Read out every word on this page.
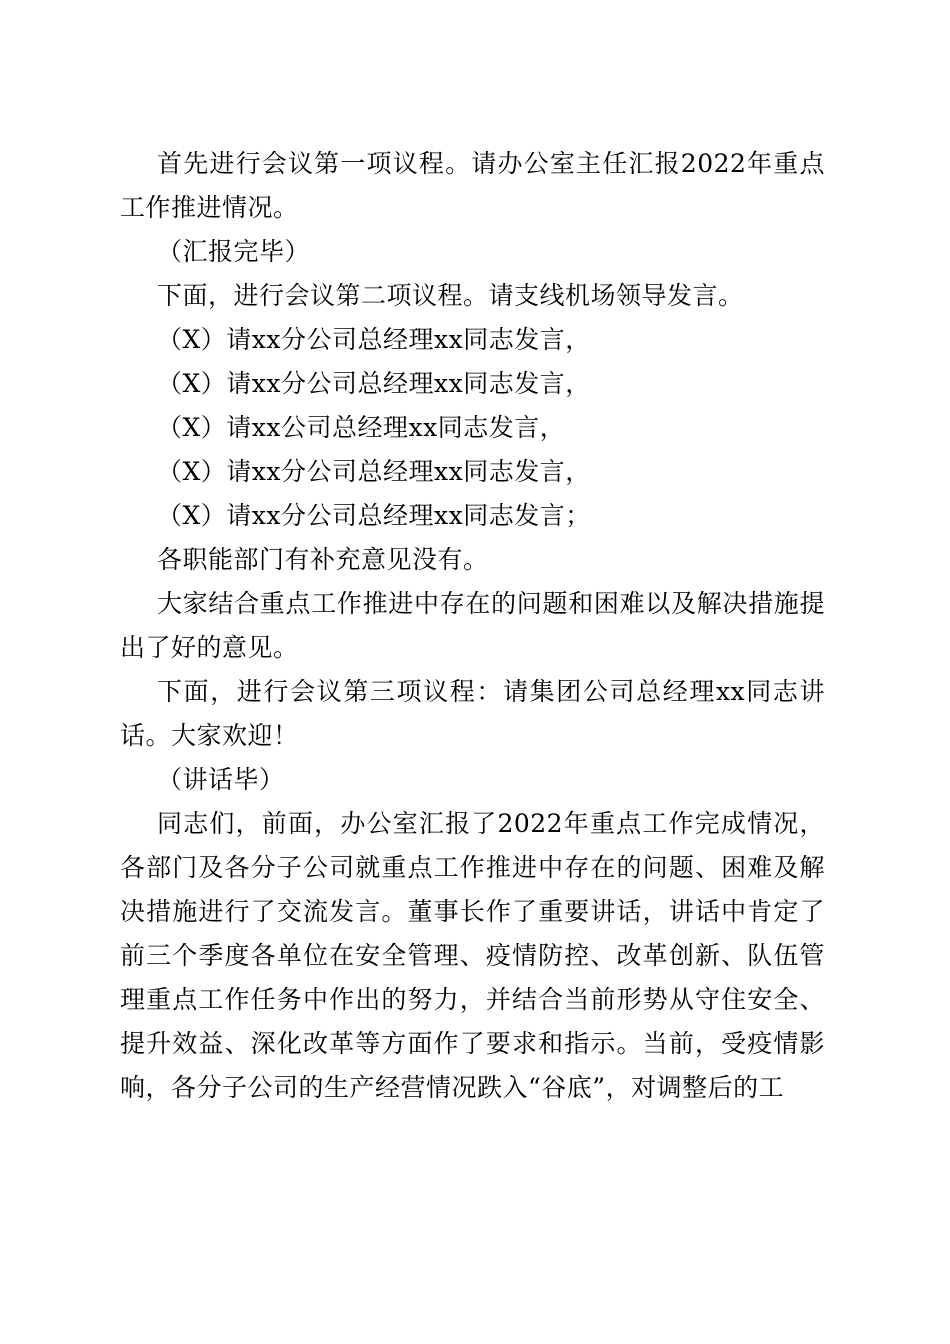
首先进行会议第一项议程。请办公室主任汇报2022年重点工作推进情况。

（汇报完毕）

下面，进行会议第二项议程。请支线机场领导发言。

（X）请xx分公司总经理xx同志发言，

（X）请xx分公司总经理xx同志发言，

（X）请xx公司总经理xx同志发言，

（X）请xx分公司总经理xx同志发言，

（X）请xx分公司总经理xx同志发言；

各职能部门有补充意见没有。

大家结合重点工作推进中存在的问题和困难以及解决措施提出了好的意见。

下面，进行会议第三项议程：请集团公司总经理xx同志讲话。大家欢迎！

（讲话毕）

同志们，前面，办公室汇报了2022年重点工作完成情况，各部门及各分子公司就重点工作推进中存在的问题、困难及解决措施进行了交流发言。董事长作了重要讲话，讲话中肯定了前三个季度各单位在安全管理、疫情防控、改革创新、队伍管理重点工作任务中作出的努力，并结合当前形势从守住安全、提升效益、深化改革等方面作了要求和指示。当前，受疫情影响，各分子公司的生产经营情况跌入“谷底”，对调整后的工
